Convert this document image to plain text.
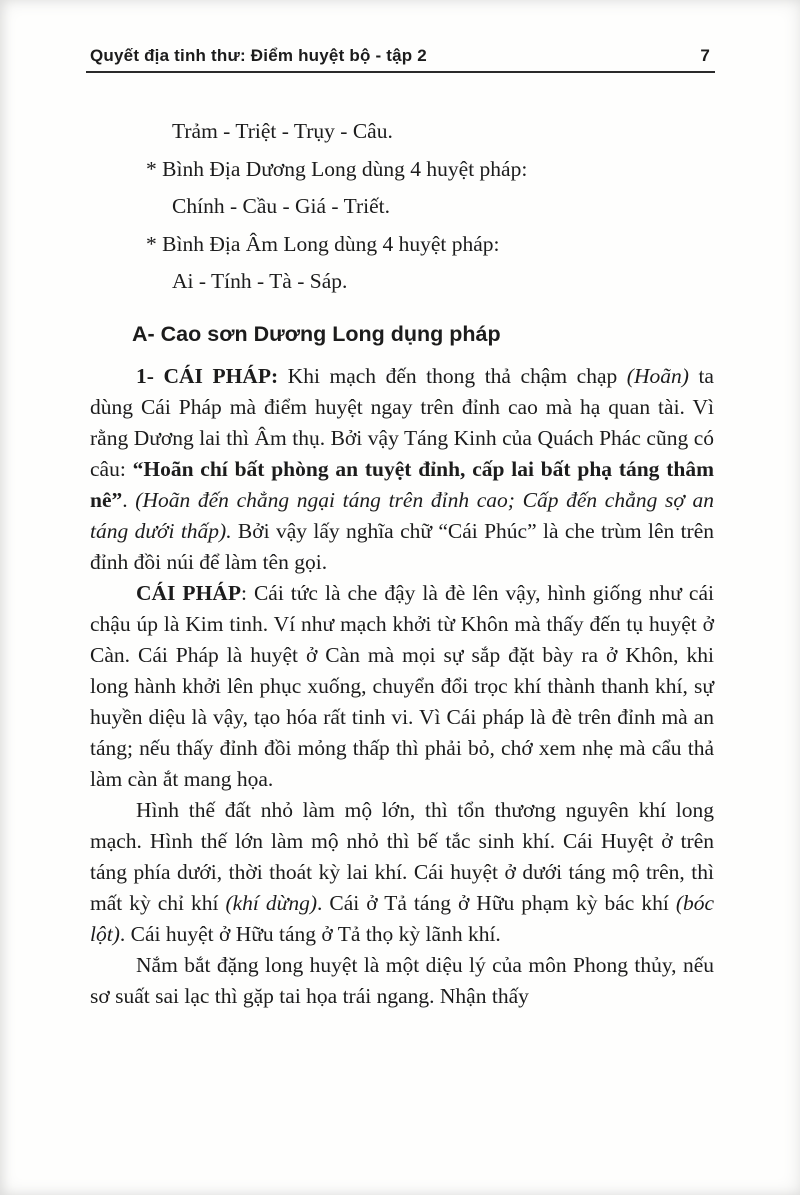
Quyết địa tinh thư: Điểm huyệt bộ - tập 2	7

Trảm - Triệt - Trụy - Câu.

* Bình Địa Dương Long dùng 4 huyệt pháp:

Chính - Cầu - Giá - Triết.

* Bình Địa Âm Long dùng 4 huyệt pháp:

Ai - Tính - Tà - Sáp.

A- Cao sơn Dương Long dụng pháp

1- CÁI PHÁP: Khi mạch đến thong thả chậm chạp (Hoãn) ta dùng Cái Pháp mà điểm huyệt ngay trên đỉnh cao mà hạ quan tài. Vì rằng Dương lai thì Âm thụ. Bởi vậy Táng Kinh của Quách Phác cũng có câu: “Hoãn chí bất phòng an tuyệt đỉnh, cấp lai bất phạ táng thâm nê”. (Hoãn đến chẳng ngại táng trên đỉnh cao; Cấp đến chẳng sợ an táng dưới thấp). Bởi vậy lấy nghĩa chữ “Cái Phúc” là che trùm lên trên đỉnh đồi núi để làm tên gọi.

CÁI PHÁP: Cái tức là che đậy là đè lên vậy, hình giống như cái chậu úp là Kim tinh. Ví như mạch khởi từ Khôn mà thấy đến tụ huyệt ở Càn. Cái Pháp là huyệt ở Càn mà mọi sự sắp đặt bày ra ở Khôn, khi long hành khởi lên phục xuống, chuyển đổi trọc khí thành thanh khí, sự huyền diệu là vậy, tạo hóa rất tinh vi. Vì Cái pháp là đè trên đỉnh mà an táng; nếu thấy đỉnh đồi mỏng thấp thì phải bỏ, chớ xem nhẹ mà cẩu thả làm càn ắt mang họa.

Hình thế đất nhỏ làm mộ lớn, thì tổn thương nguyên khí long mạch. Hình thế lớn làm mộ nhỏ thì bế tắc sinh khí. Cái Huyệt ở trên táng phía dưới, thời thoát kỳ lai khí. Cái huyệt ở dưới táng mộ trên, thì mất kỳ chỉ khí (khí dừng). Cái ở Tả táng ở Hữu phạm kỳ bác khí (bóc lột). Cái huyệt ở Hữu táng ở Tả thọ kỳ lãnh khí.

Nắm bắt đặng long huyệt là một diệu lý của môn Phong thủy, nếu sơ suất sai lạc thì gặp tai họa trái ngang. Nhận thấy
